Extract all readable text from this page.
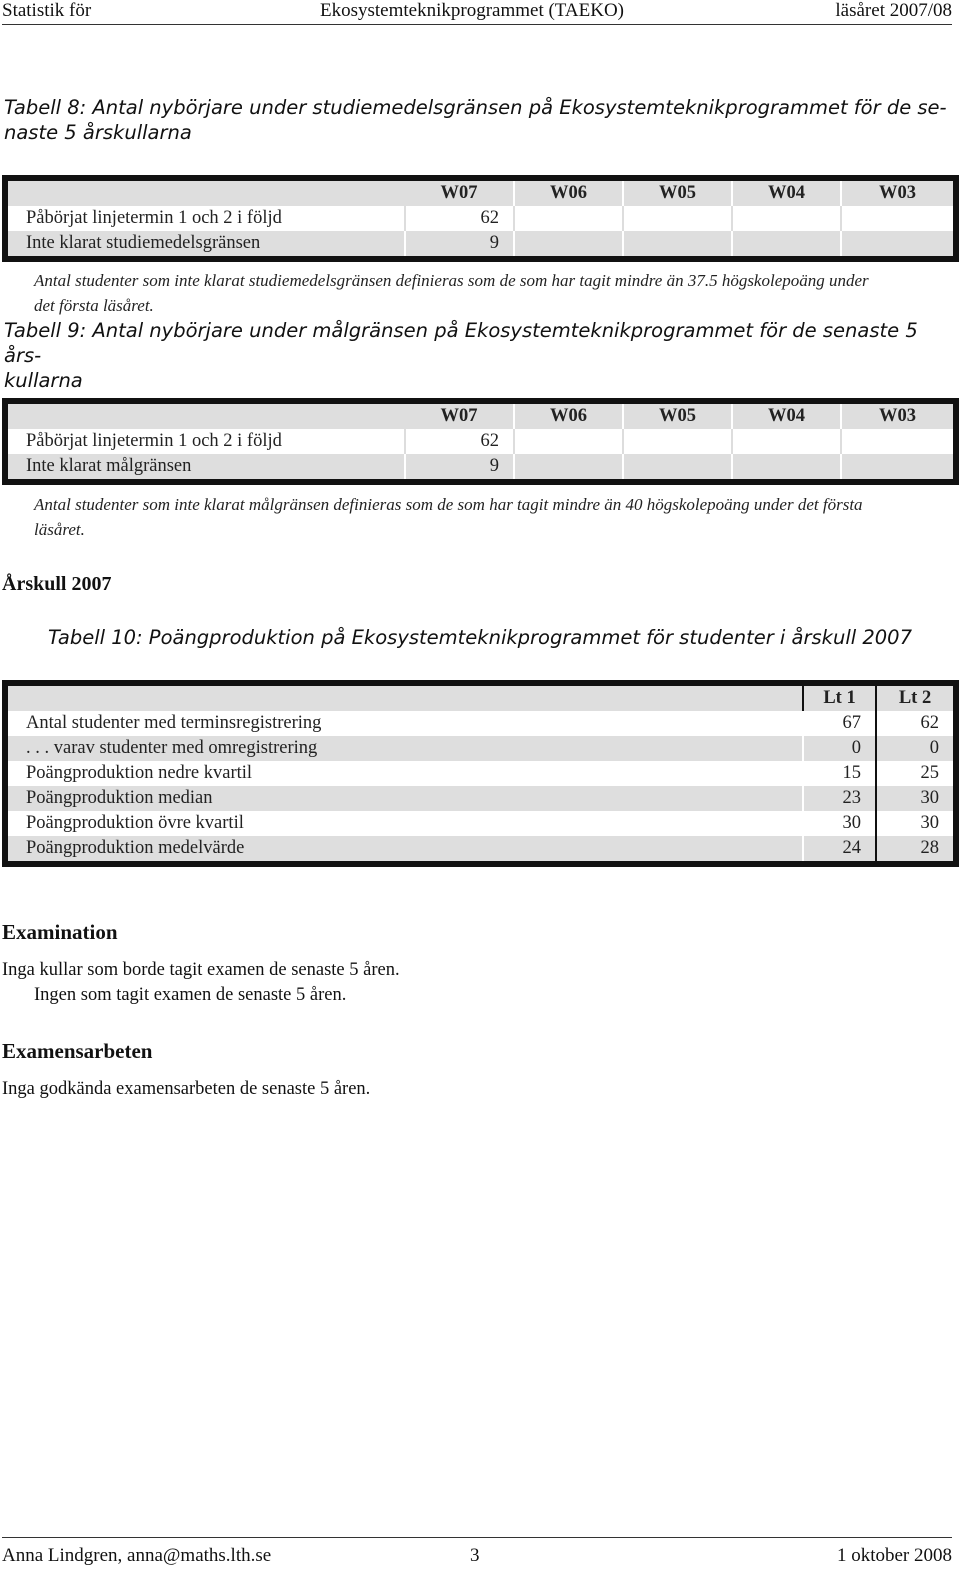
Statistik för	Ekosystemteknikprogrammet (TAEKO)	läsåret 2007/08
Tabell 8: Antal nybörjare under studiemedelsgränsen på Ekosystemteknikprogrammet för de se-
naste 5 årskullarna
	W07	W06	W05	W04	W03
Påbörjat linjetermin 1 och 2 i följd	62				
Inte klarat studiemedelsgränsen	9				
Antal studenter som inte klarat studiemedelsgränsen definieras som de som har tagit mindre än 37.5 högskolepoäng under
det första läsåret.
Tabell 9: Antal nybörjare under målgränsen på Ekosystemteknikprogrammet för de senaste 5 års-
kullarna
	W07	W06	W05	W04	W03
Påbörjat linjetermin 1 och 2 i följd	62				
Inte klarat målgränsen	9				
Antal studenter som inte klarat målgränsen definieras som de som har tagit mindre än 40 högskolepoäng under det första
läsåret.
Årskull 2007
Tabell 10: Poängproduktion på Ekosystemteknikprogrammet för studenter i årskull 2007
	Lt 1	Lt 2
Antal studenter med terminsregistrering	67	62
. . . varav studenter med omregistrering	0	0
Poängproduktion nedre kvartil	15	25
Poängproduktion median	23	30
Poängproduktion övre kvartil	30	30
Poängproduktion medelvärde	24	28
Examination
Inga kullar som borde tagit examen de senaste 5 åren.
Ingen som tagit examen de senaste 5 åren.
Examensarbeten
Inga godkända examensarbeten de senaste 5 åren.
Anna Lindgren, anna@maths.lth.se	3	1 oktober 2008
